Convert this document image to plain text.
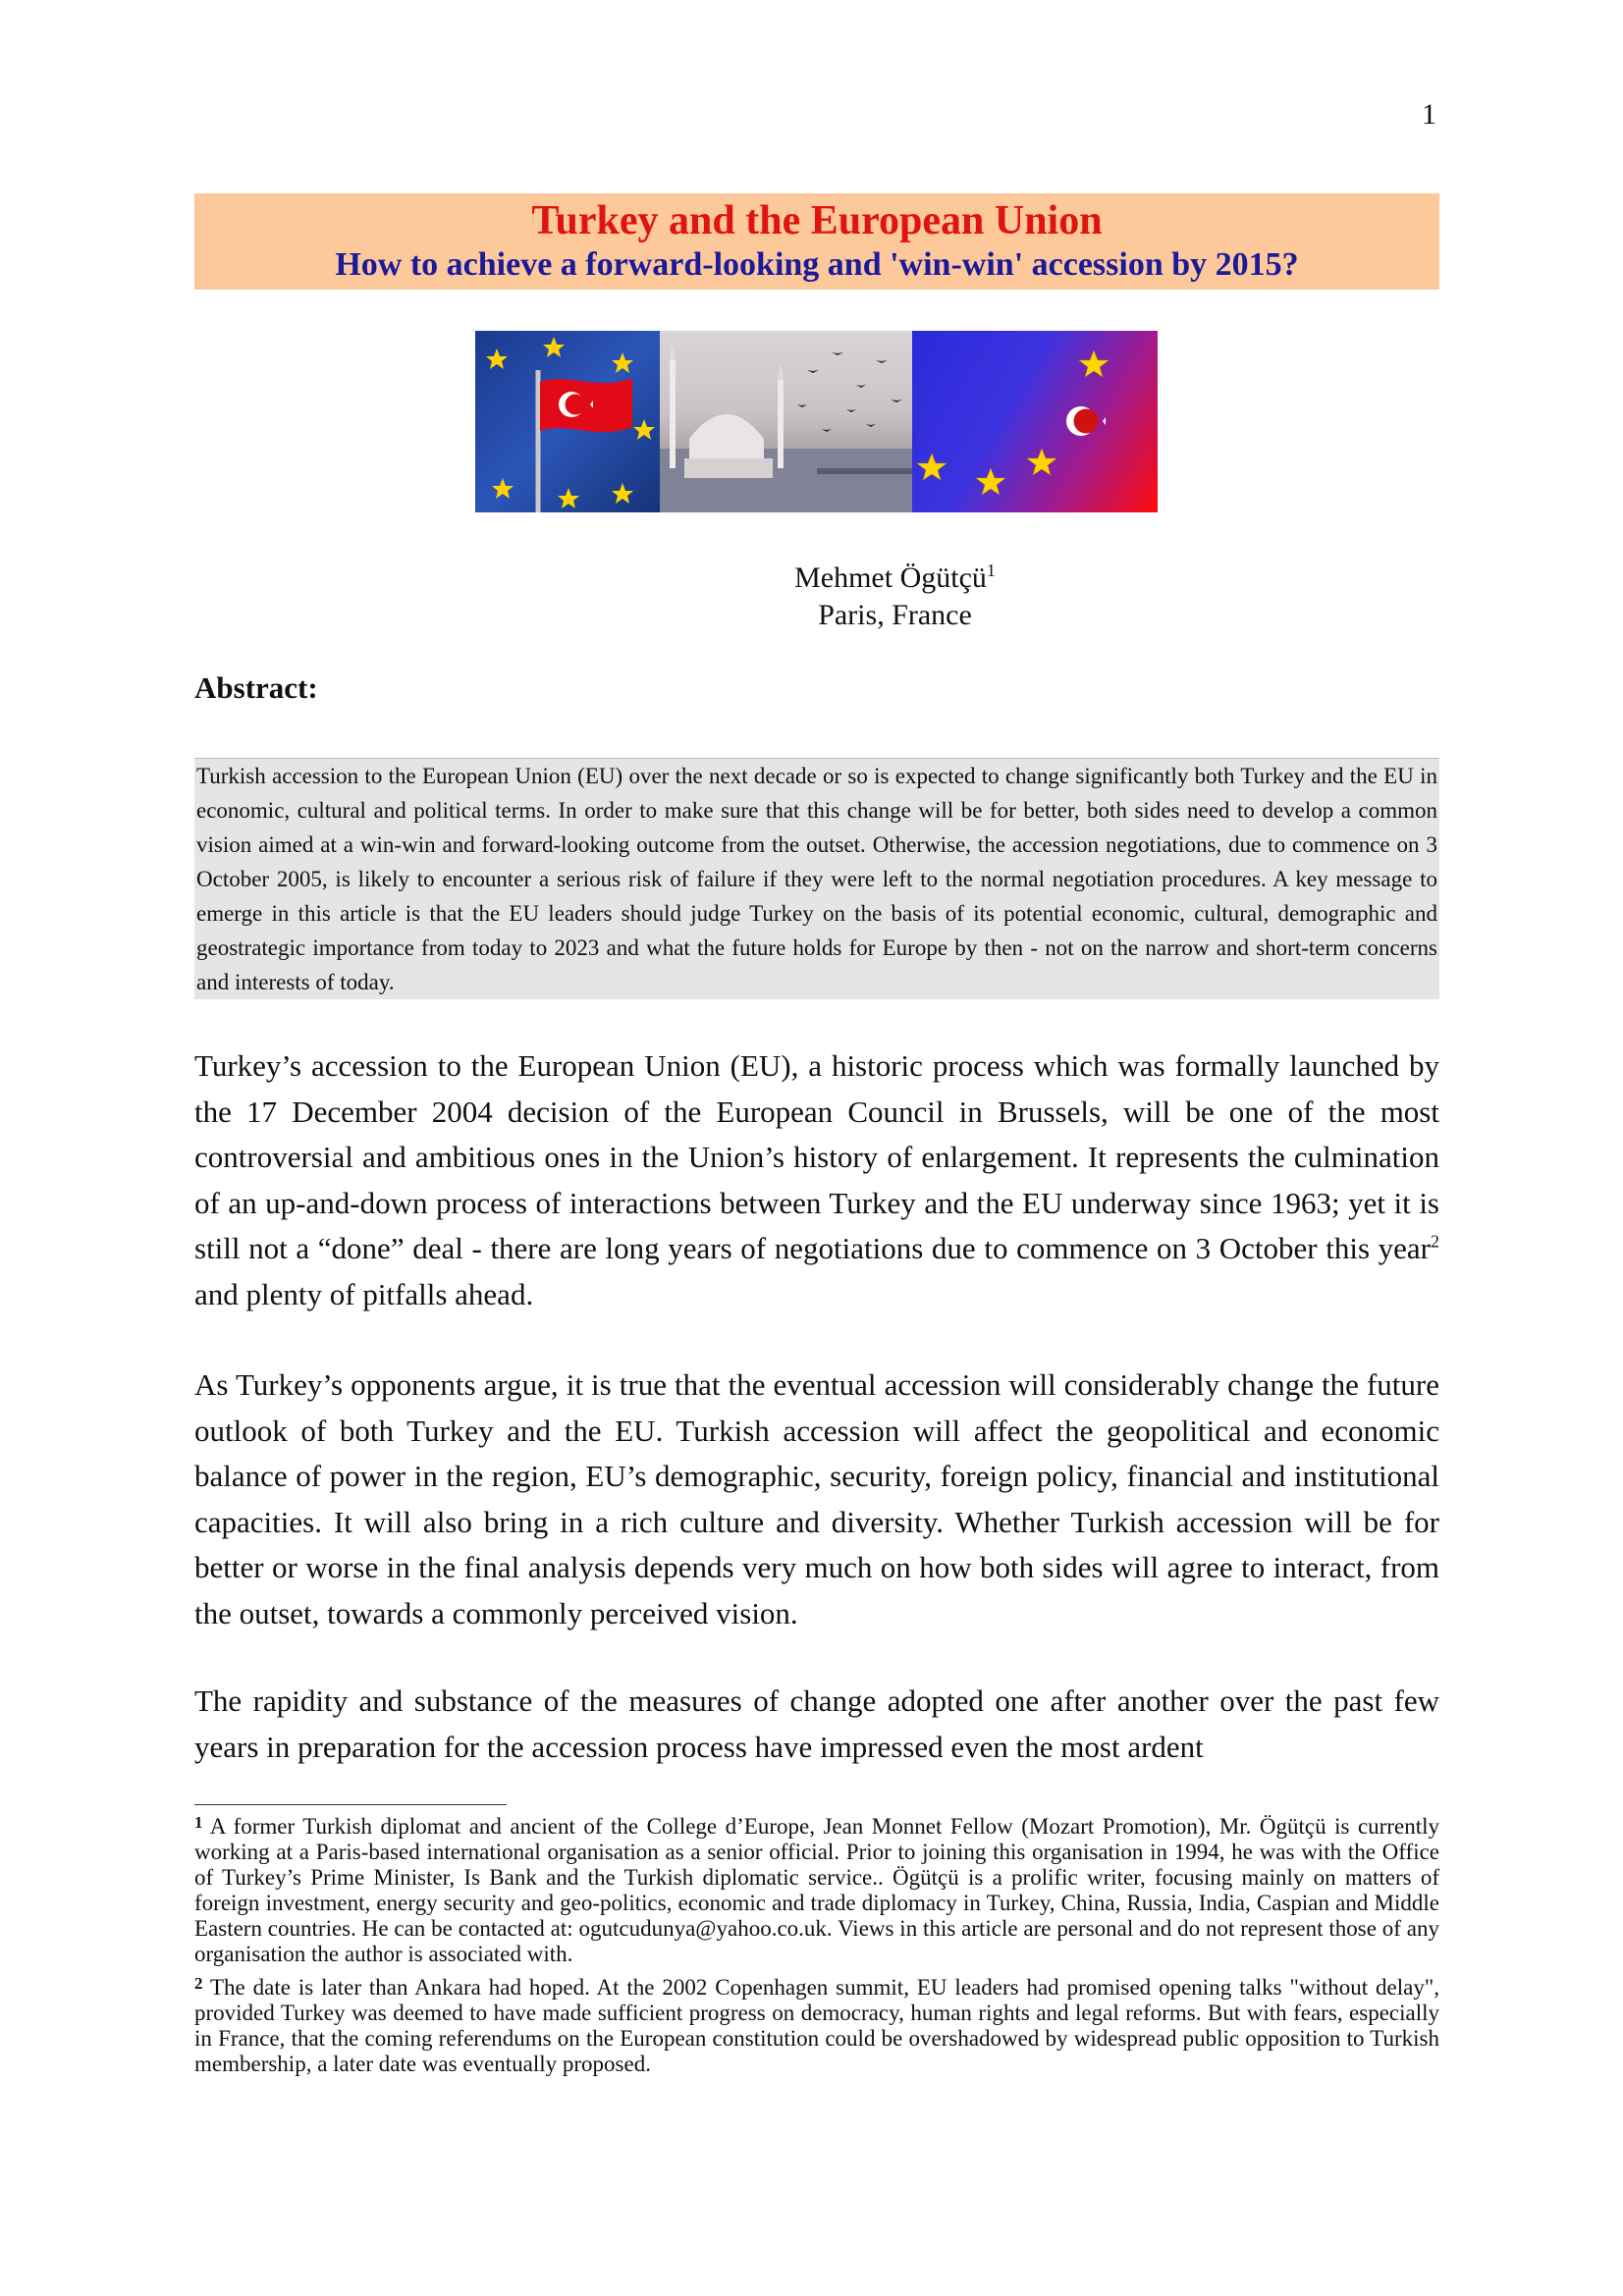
1
Turkey and the European Union
How to achieve a forward-looking and 'win-win' accession by 2015?
Mehmet Ögütçü$^1$
Paris, France
Abstract:
Turkish accession to the European Union (EU) over the next decade or so is expected to change significantly both Turkey and the EU in economic, cultural and political terms. In order to make sure that this change will be for better, both sides need to develop a common vision aimed at a win-win and forward-looking outcome from the outset. Otherwise, the accession negotiations, due to commence on 3 October 2005, is likely to encounter a serious risk of failure if they were left to the normal negotiation procedures. A key message to emerge in this article is that the EU leaders should judge Turkey on the basis of its potential economic, cultural, demographic and geostrategic importance from today to 2023 and what the future holds for Europe by then - not on the narrow and short-term concerns and interests of today.
Turkey’s accession to the European Union (EU), a historic process which was formally launched by the 17 December 2004 decision of the European Council in Brussels, will be one of the most controversial and ambitious ones in the Union’s history of enlargement. It represents the culmination of an up-and-down process of interactions between Turkey and the EU underway since 1963; yet it is still not a “done” deal - there are long years of negotiations due to commence on 3 October this year$^2$ and plenty of pitfalls ahead.
As Turkey’s opponents argue, it is true that the eventual accession will considerably change the future outlook of both Turkey and the EU. Turkish accession will affect the geopolitical and economic balance of power in the region, EU’s demographic, security, foreign policy, financial and institutional capacities. It will also bring in a rich culture and diversity. Whether Turkish accession will be for better or worse in the final analysis depends very much on how both sides will agree to interact, from the outset, towards a commonly perceived vision.
The rapidity and substance of the measures of change adopted one after another over the past few years in preparation for the accession process have impressed even the most ardent
$^1$ A former Turkish diplomat and ancient of the College d’Europe, Jean Monnet Fellow (Mozart Promotion), Mr. Ögütçü is currently working at a Paris-based international organisation as a senior official. Prior to joining this organisation in 1994, he was with the Office of Turkey’s Prime Minister, Is Bank and the Turkish diplomatic service.. Ögütçü is a prolific writer, focusing mainly on matters of foreign investment, energy security and geo-politics, economic and trade diplomacy in Turkey, China, Russia, India, Caspian and Middle Eastern countries. He can be contacted at: ogutcudunya@yahoo.co.uk. Views in this article are personal and do not represent those of any organisation the author is associated with.
$^2$ The date is later than Ankara had hoped. At the 2002 Copenhagen summit, EU leaders had promised opening talks "without delay", provided Turkey was deemed to have made sufficient progress on democracy, human rights and legal reforms. But with fears, especially in France, that the coming referendums on the European constitution could be overshadowed by widespread public opposition to Turkish membership, a later date was eventually proposed.
